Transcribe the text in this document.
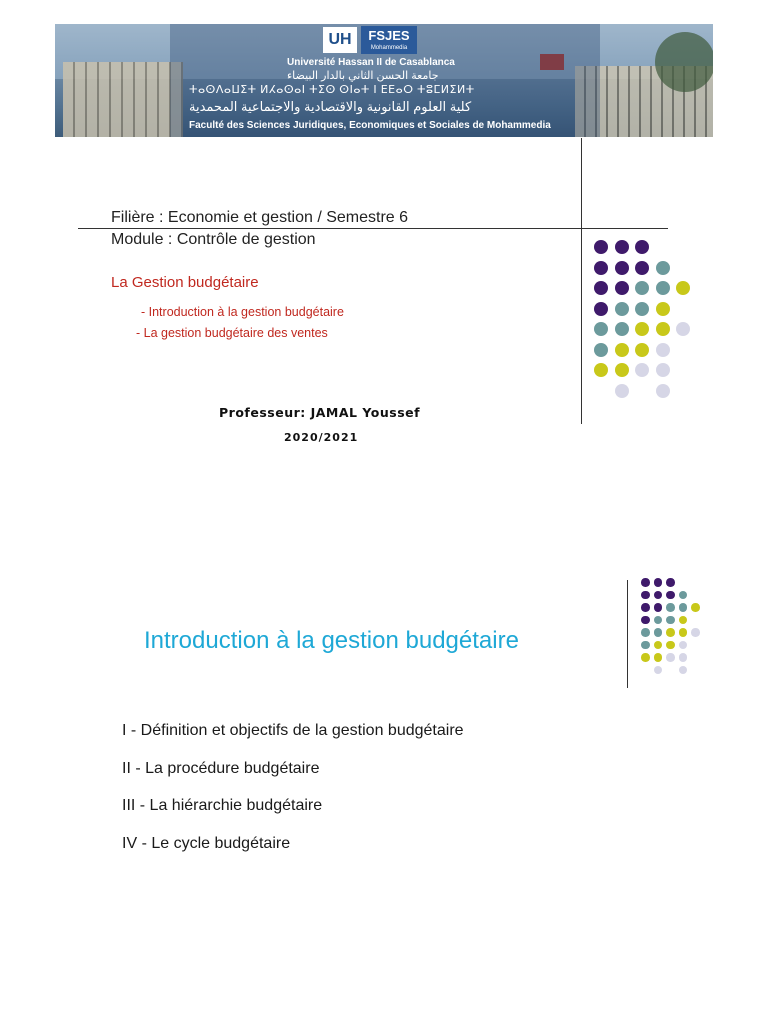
UH	FSJES
Mohammedia
Université Hassan II de Casablanca
جامعة الحسن الثاني بالدار البيضاء
ⵜⴰⵙⴷⴰⵡⵉⵜ ⵍⵃⴰⵙⴰⵏ ⵜⵉⵙ ⵙⵏⴰⵜ ⵏ ⴹⴹⴰⵔ ⵜⵓⵎⵍⵉⵍⵜ
كلية العلوم القانونية والاقتصادية والاجتماعية المحمدية
Faculté des Sciences Juridiques, Economiques et Sociales de Mohammedia
Filière : Economie et gestion / Semestre 6
Module : Contrôle de gestion
La Gestion budgétaire
- Introduction à la gestion budgétaire
- La gestion budgétaire des ventes
Professeur: JAMAL Youssef
2020/2021
Introduction à la gestion budgétaire
I - Définition et objectifs de la gestion budgétaire
II - La procédure budgétaire
III - La hiérarchie budgétaire
IV - Le cycle budgétaire
